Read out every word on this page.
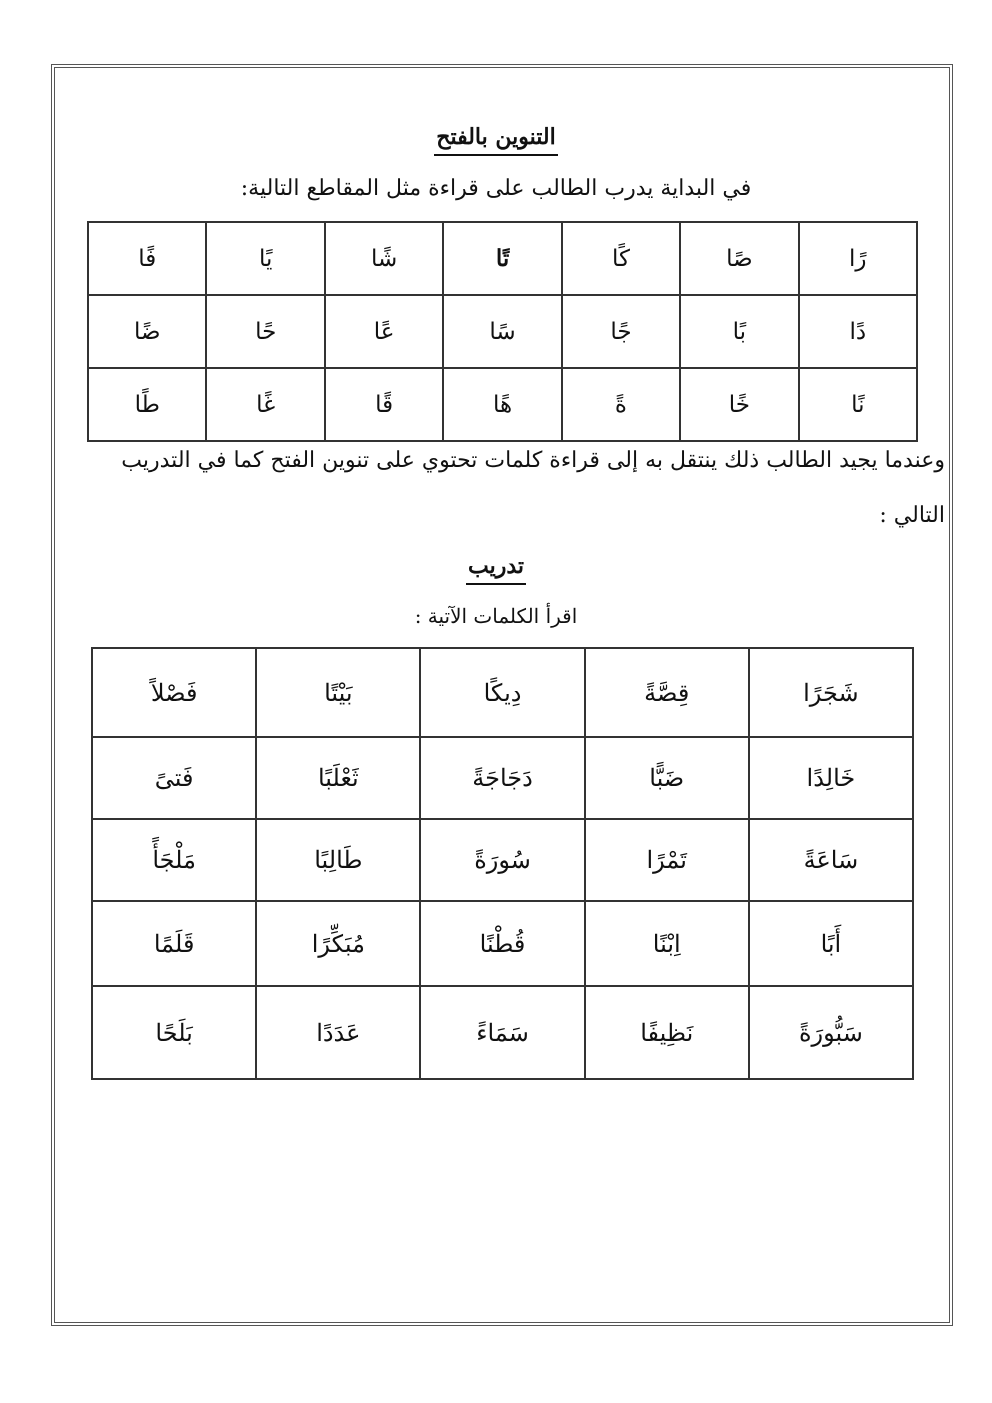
التنوين بالفتح
في البداية يدرب الطالب على قراءة مثل المقاطع التالية:
رًا	صًا	كًا	تًا	شًا	يًا	فًا
دًا	بًا	جًا	سًا	عًا	حًا	ضًا
نًا	خًا	ةً	هًا	قًا	غًا	طًا
وعندما يجيد الطالب ذلك ينتقل به إلى قراءة كلمات تحتوي على تنوين الفتح كما في التدريب
التالي :
تدريب
اقرأ الكلمات الآتية :
شَجَرًا	قِصَّةً	دِيكًا	بَيْتًا	فَصْلاً
خَالِدًا	ضَبًّا	دَجَاجَةً	ثَعْلَبًا	فَتىً
سَاعَةً	تَمْرًا	سُورَةً	طَالِبًا	مَلْجَأً
أَبًا	اِبْنًا	قُطْنًا	مُبَكِّرًا	قَلَمًا
سَبُّورَةً	نَظِيفًا	سَمَاءً	عَدَدًا	بَلَحًا
